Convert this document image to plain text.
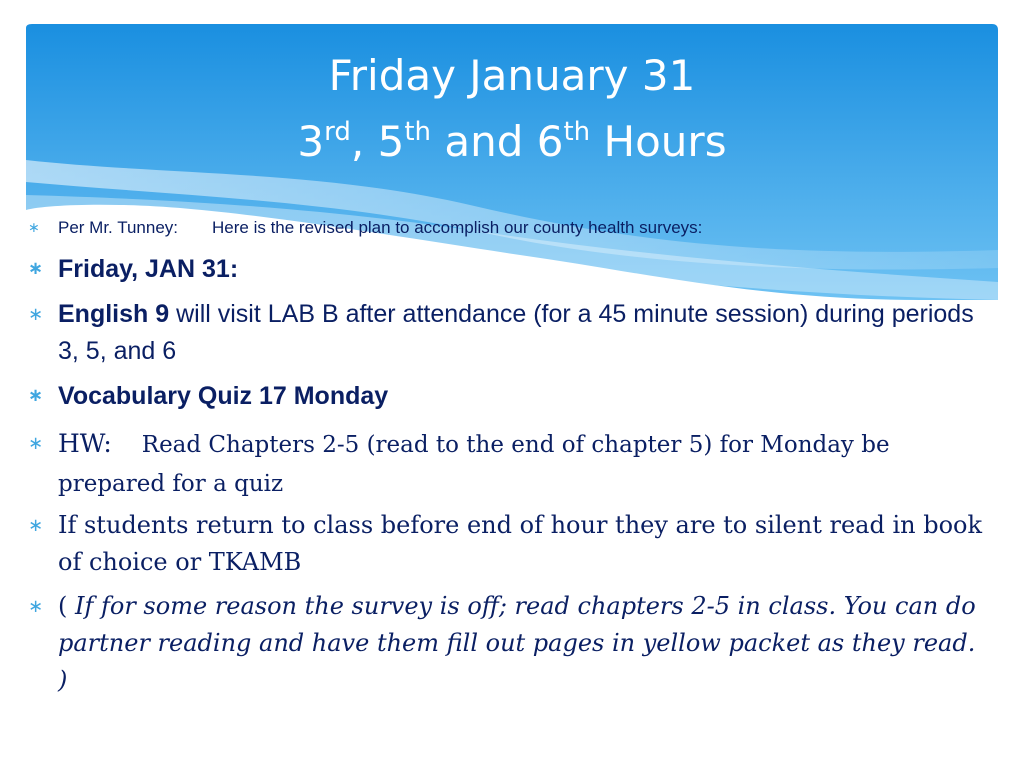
Friday January 31
3rd, 5th and 6th Hours
∗ Per Mr. Tunney: Here is the revised plan to accomplish our county health surveys:
∗ Friday, JAN 31:
∗ English 9 will visit LAB B after attendance (for a 45 minute session) during periods 3, 5, and 6
∗ Vocabulary Quiz 17 Monday
∗ HW: Read Chapters 2-5 (read to the end of chapter 5) for Monday be prepared for a quiz
∗ If students return to class before end of hour they are to silent read in book of choice or TKAMB
∗ ( If for some reason the survey is off; read chapters 2-5 in class. You can do partner reading and have them fill out pages in yellow packet as they read. )
